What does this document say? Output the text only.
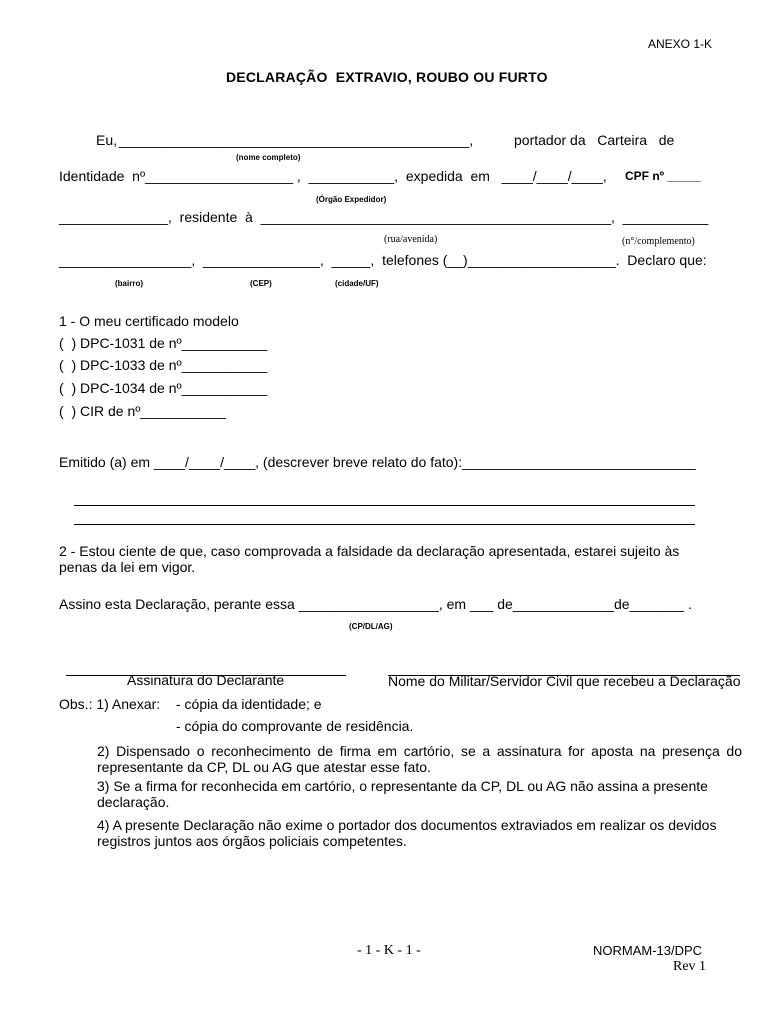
ANEXO 1-K
DECLARAÇÃO  EXTRAVIO, ROUBO OU FURTO
Eu, _____________________________________________,	portador da   Carteira   de
(nome completo)
Identidade  nº___________________ ,  ___________,  expedida  em   ____/____/____, CPF nº _____
(Órgão Expedidor)
______________,  residente  à  _____________________________________________,  ___________
(rua/avenida)	(n°/complemento)
_________________,  _______________,  _____,  telefones (__)___________________.  Declaro que:
(bairro)	(CEP)	(cidade/UF)
1 - O meu certificado modelo
(  ) DPC-1031 de nº___________
(  ) DPC-1033 de nº___________
(  ) DPC-1034 de nº___________
(  ) CIR de nº___________
Emitido (a) em ____/____/____, (descrever breve relato do fato):______________________________
2 - Estou ciente de que, caso comprovada a falsidade da declaração apresentada, estarei sujeito às penas da lei em vigor.
Assino esta Declaração, perante essa __________________, em ___ de_____________de_______ .
(CP/DL/AG)
Assinatura do Declarante	Nome do Militar/Servidor Civil que recebeu a Declaração
Obs.: 1) Anexar: - cópia da identidade; e
- cópia do comprovante de residência.
2) Dispensado o reconhecimento de firma em cartório, se a assinatura for aposta na presença do representante da CP, DL ou AG que atestar esse fato.
3) Se a firma for reconhecida em cartório, o representante da CP, DL ou AG não assina a presente declaração.
4) A presente Declaração não exime o portador dos documentos extraviados em realizar os devidos registros juntos aos órgãos policiais competentes.
- 1 - K - 1 -	NORMAM-13/DPC
Rev 1
